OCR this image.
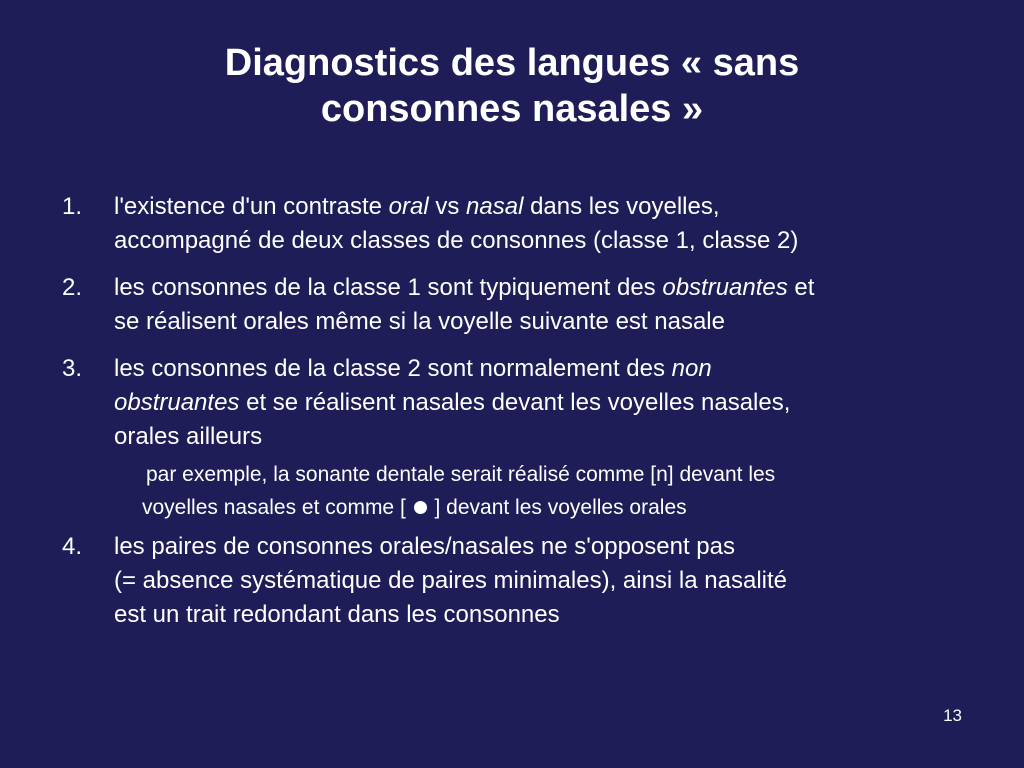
Diagnostics des langues « sans
consonnes nasales »
1. l'existence d'un contraste oral vs nasal dans les voyelles,
accompagné de deux classes de consonnes (classe 1, classe 2)
2. les consonnes de la classe 1 sont typiquement des obstruantes et
se réalisent orales même si la voyelle suivante est nasale
3. les consonnes de la classe 2 sont normalement des non
obstruantes et se réalisent nasales devant les voyelles nasales,
orales ailleurs
par exemple, la sonante dentale serait réalisé comme [n] devant les
voyelles nasales et comme [ ] devant les voyelles orales
4. les paires de consonnes orales/nasales ne s'opposent pas
(= absence systématique de paires minimales), ainsi la nasalité
est un trait redondant dans les consonnes
13
